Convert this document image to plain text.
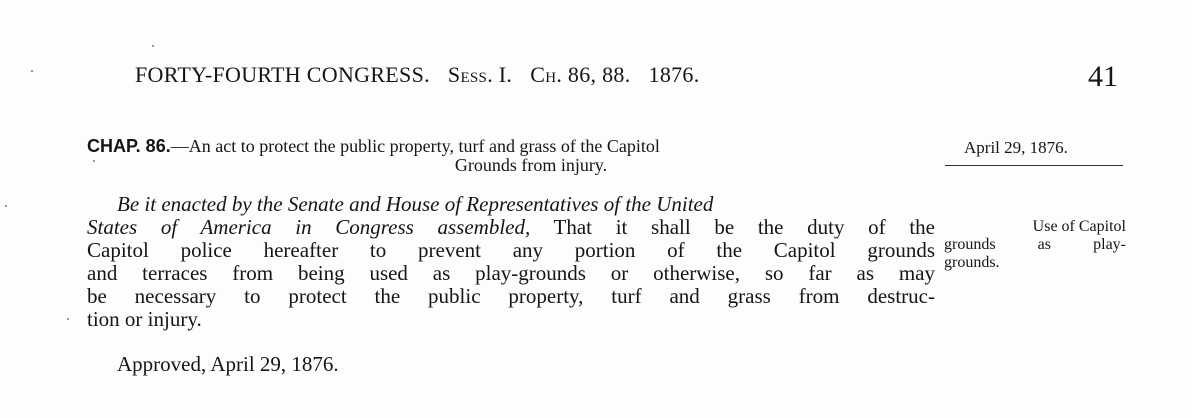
FORTY-FOURTH CONGRESS. Sess. I. Ch. 86, 88. 1876.	41
CHAP. 86.—An act to protect the public property, turf and grass of the Capitol
Grounds from injury.
April 29, 1876.
Be it enacted by the Senate and House of Representatives of the United
States of America in Congress assembled, That it shall be the duty of the
Capitol police hereafter to prevent any portion of the Capitol grounds
and terraces from being used as play-grounds or otherwise, so far as may
be necessary to protect the public property, turf and grass from destruc-
tion or injury.
Approved, April 29, 1876.
Use of Capitol
grounds as play-
grounds.
